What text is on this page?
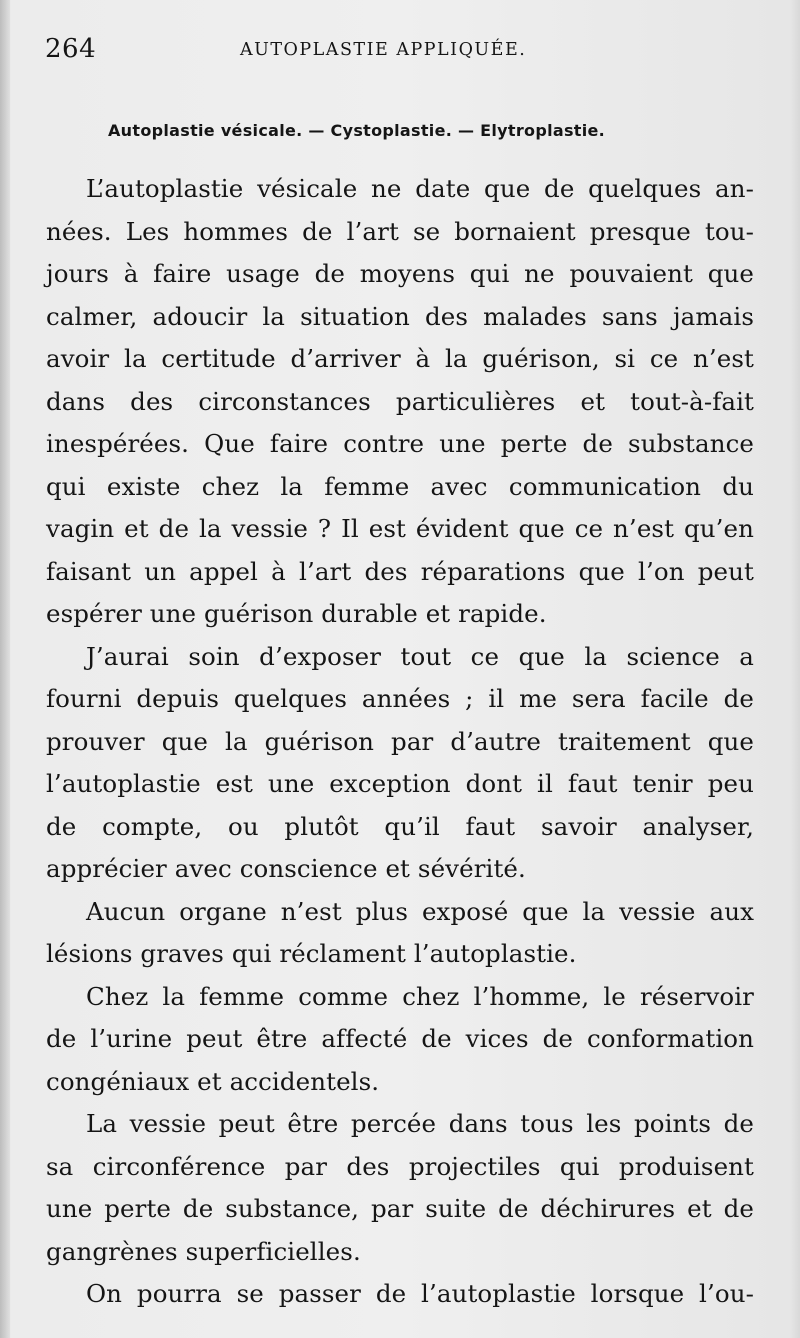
264	AUTOPLASTIE APPLIQUÉE.
Autoplastie vésicale. — Cystoplastie. — Elytroplastie.
L’autoplastie vésicale ne date que de quelques an-
nées. Les hommes de l’art se bornaient presque tou-
jours à faire usage de moyens qui ne pouvaient que
calmer, adoucir la situation des malades sans jamais
avoir la certitude d’arriver à la guérison, si ce n’est
dans des circonstances particulières et tout-à-fait
inespérées. Que faire contre une perte de substance
qui existe chez la femme avec communication du
vagin et de la vessie ? Il est évident que ce n’est qu’en
faisant un appel à l’art des réparations que l’on peut
espérer une guérison durable et rapide.
J’aurai soin d’exposer tout ce que la science a
fourni depuis quelques années ; il me sera facile de
prouver que la guérison par d’autre traitement que
l’autoplastie est une exception dont il faut tenir peu
de compte, ou plutôt qu’il faut savoir analyser,
apprécier avec conscience et sévérité.
Aucun organe n’est plus exposé que la vessie aux
lésions graves qui réclament l’autoplastie.
Chez la femme comme chez l’homme, le réservoir
de l’urine peut être affecté de vices de conformation
congéniaux et accidentels.
La vessie peut être percée dans tous les points de
sa circonférence par des projectiles qui produisent
une perte de substance, par suite de déchirures et de
gangrènes superficielles.
On pourra se passer de l’autoplastie lorsque l’ou-
